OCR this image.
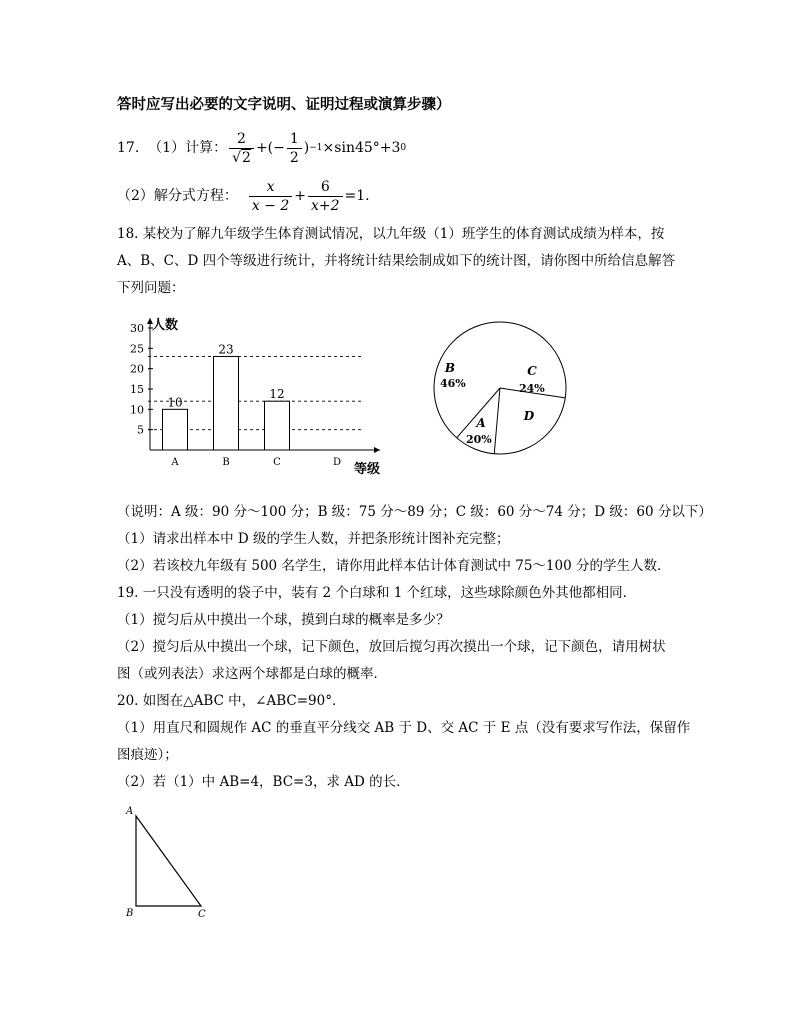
答时应写出必要的文字说明、证明过程或演算步骤）
17.
（1）计算： $\frac{2}{√2}$ +(− $\frac{1}{2}$ ) −1 ×sin45°+3 0
（2）解分式方程：
$\frac{x}{x - 2} + \frac{6}{x+2} =1$.
18. 某校为了解九年级学生体育测试情况，以九年级（1）班学生的体育测试成绩为样本，按
A、B、C、D 四个等级进行统计，并将统计结果绘制成如下的统计图，请你图中所给信息解答
下列问题：
人数
等级
5
10
15
20
25
30
10
A
23
B
12
C	D
B
46%
C
24%
D
A
20%
（说明：A 级：90 分～100 分；B 级：75 分～89 分；C 级：60 分～74 分；D 级：60 分以下）
（1）请求出样本中 D 级的学生人数，并把条形统计图补充完整；
（2）若该校九年级有 500 名学生，请你用此样本估计体育测试中 75～100 分的学生人数．
19. 一只没有透明的袋子中，装有 2 个白球和 1 个红球，这些球除颜色外其他都相同．
（1）搅匀后从中摸出一个球，摸到白球的概率是多少？
（2）搅匀后从中摸出一个球，记下颜色，放回后搅匀再次摸出一个球，记下颜色，请用树状
图（或列表法）求这两个球都是白球的概率．
20. 如图在△ABC 中，∠ABC=90°．
（1）用直尺和圆规作 AC 的垂直平分线交 AB 于 D、交 AC 于 E 点（没有要求写作法，保留作
图痕迹）；
（2）若（1）中 AB=4，BC=3，求 AD 的长．
A
B	C
